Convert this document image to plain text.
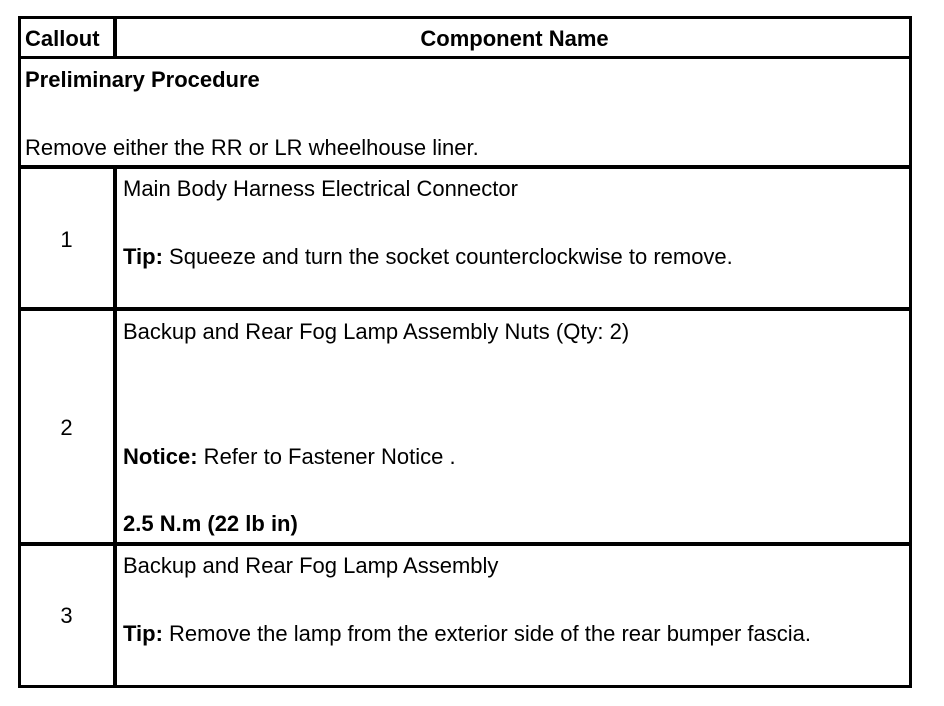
Callout	Component Name
Preliminary Procedure
Remove either the RR or LR wheelhouse liner.
1
Main Body Harness Electrical Connector
Tip: Squeeze and turn the socket counterclockwise to remove.
2
Backup and Rear Fog Lamp Assembly Nuts (Qty: 2)
Notice: Refer to Fastener Notice .
2.5 N.m (22 lb in)
3
Backup and Rear Fog Lamp Assembly
Tip: Remove the lamp from the exterior side of the rear bumper fascia.
